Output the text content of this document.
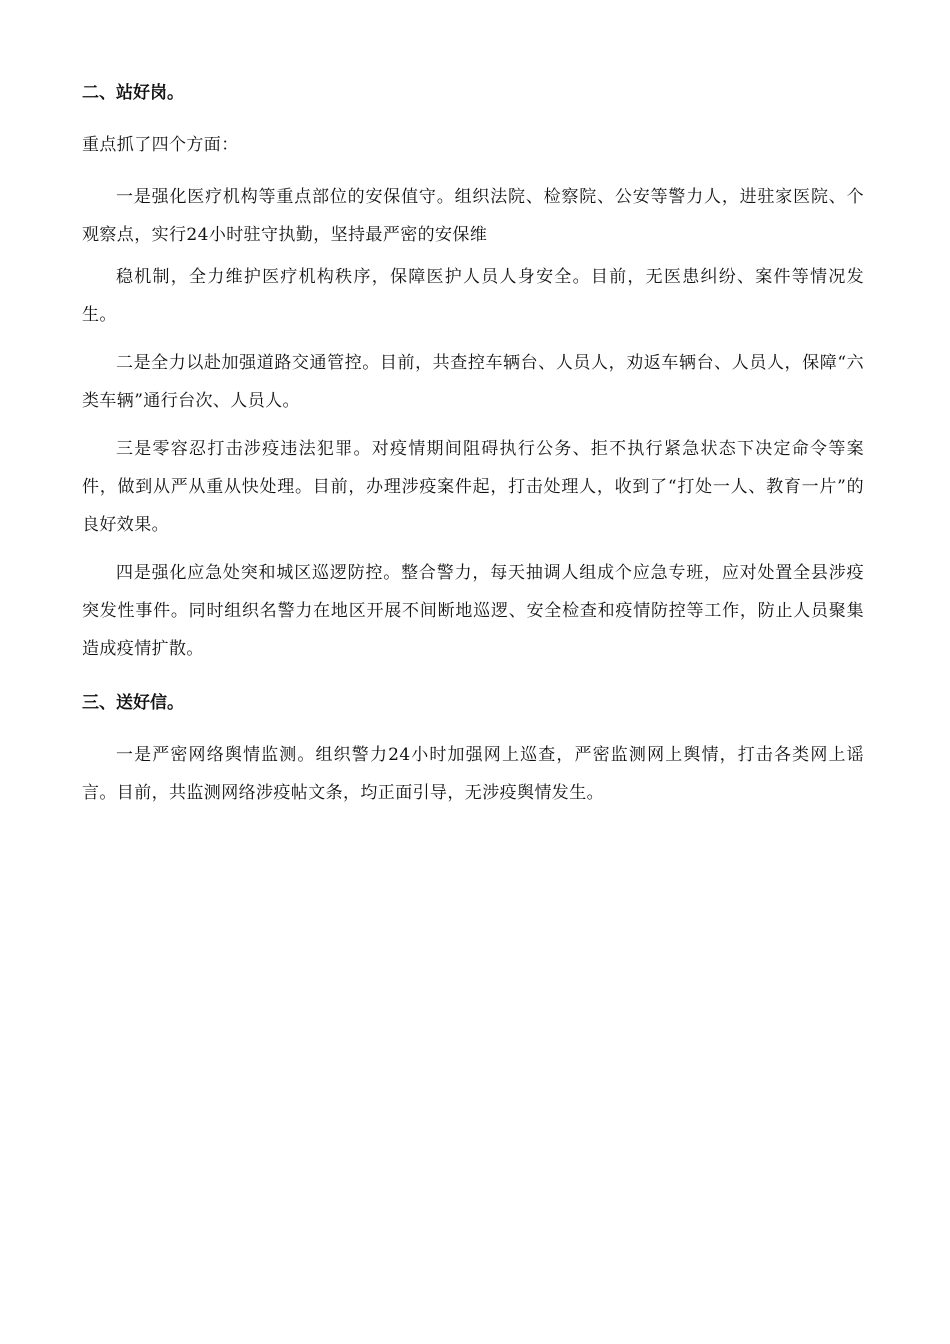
二、站好岗。

重点抓了四个方面：

一是强化医疗机构等重点部位的安保值守。组织法院、检察院、公安等警力人，进驻家医院、个观察点，实行24小时驻守执勤，坚持最严密的安保维

稳机制，全力维护医疗机构秩序，保障医护人员人身安全。目前，无医患纠纷、案件等情况发生。

二是全力以赴加强道路交通管控。目前，共查控车辆台、人员人，劝返车辆台、人员人，保障“六类车辆”通行台次、人员人。

三是零容忍打击涉疫违法犯罪。对疫情期间阻碍执行公务、拒不执行紧急状态下决定命令等案件，做到从严从重从快处理。目前，办理涉疫案件起，打击处理人，收到了“打处一人、教育一片”的良好效果。

四是强化应急处突和城区巡逻防控。整合警力，每天抽调人组成个应急专班，应对处置全县涉疫突发性事件。同时组织名警力在地区开展不间断地巡逻、安全检查和疫情防控等工作，防止人员聚集造成疫情扩散。

三、送好信。

一是严密网络舆情监测。组织警力24小时加强网上巡查，严密监测网上舆情，打击各类网上谣言。目前，共监测网络涉疫帖文条，均正面引导，无涉疫舆情发生。
